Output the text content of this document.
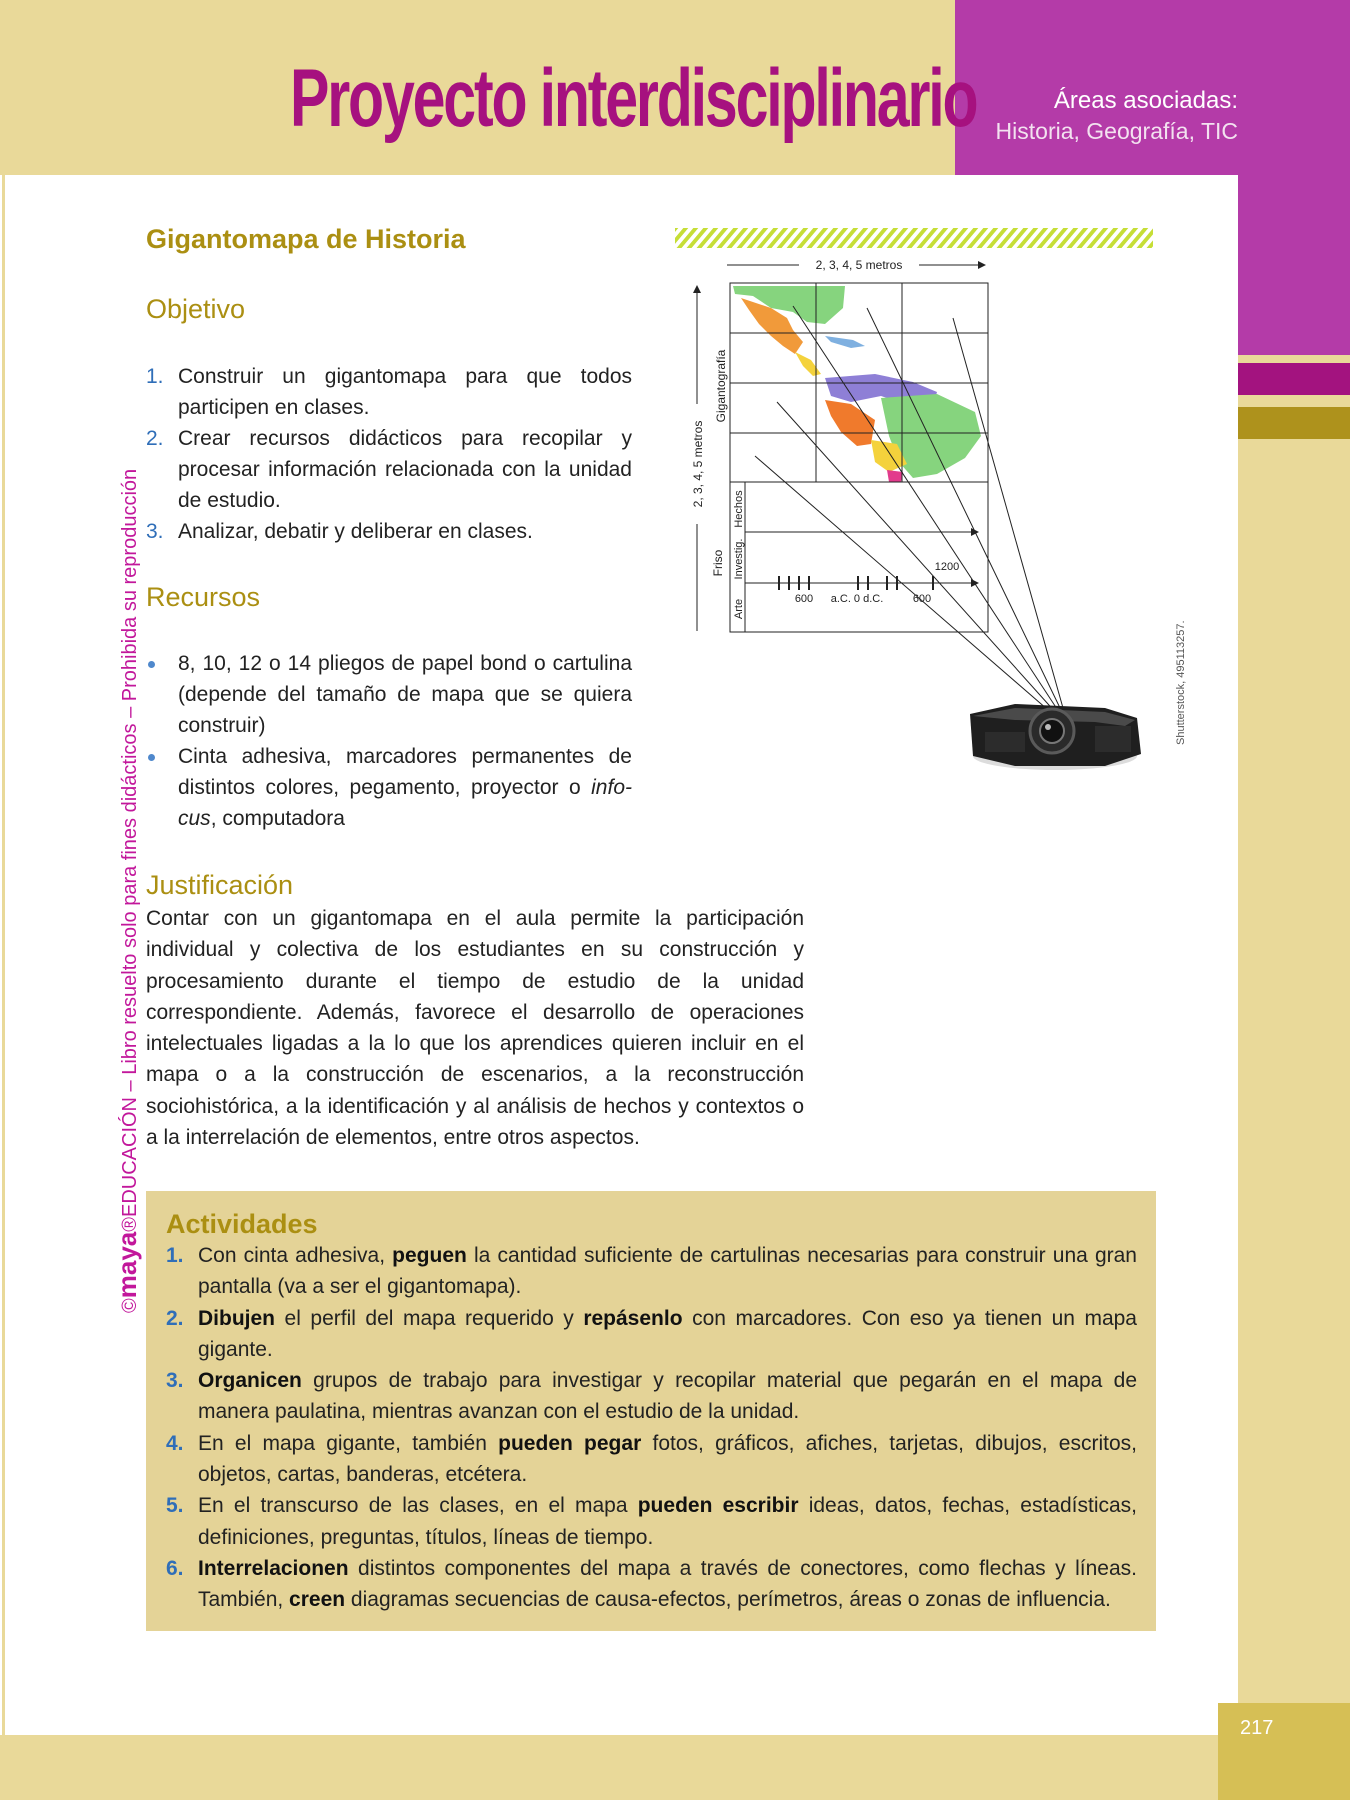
Proyecto interdisciplinario	Áreas asociadas:
Historia, Geografía, TIC
©maya®EDUCACIÓN – Libro resuelto solo para fines didácticos – Prohibida su reproducción
Gigantomapa de Historia
Objetivo
1. Construir un gigantomapa para que todos participen en clases.
2. Crear recursos didácticos para recopilar y procesar información relacionada con la unidad de estudio.
3. Analizar, debatir y deliberar en clases.
Recursos
8, 10, 12 o 14 pliegos de papel bond o cartulina (depende del tamaño de mapa que se quiera construir)
Cinta adhesiva, marcadores permanentes de distintos colores, pegamento, proyector o info-cus, computadora
Justificación

Contar con un gigantomapa en el aula permite la participación individual y colectiva de los estudiantes en su construcción y procesamiento durante el tiempo de estudio de la unidad correspondiente. Además, favorece el desarrollo de operaciones intelectuales ligadas a la lo que los aprendices quieren incluir en el mapa o a la construcción de escenarios, a la reconstrucción sociohistórica, a la identificación y al análisis de hechos y contextos o a la interrelación de elementos, entre otros aspectos.

2, 3, 4, 5 metros
2, 3, 4, 5 metros
Gigantografía
Friso
Hechos
Investig.
Arte	600 a.C. 0 d.C.	600
1200
Shutterstock, 495113257.
Actividades
1. Con cinta adhesiva, peguen la cantidad suficiente de cartulinas necesarias para construir una gran pantalla (va a ser el gigantomapa).
2. Dibujen el perfil del mapa requerido y repásenlo con marcadores. Con eso ya tienen un mapa gigante.
3. Organicen grupos de trabajo para investigar y recopilar material que pegarán en el mapa de manera paulatina, mientras avanzan con el estudio de la unidad.
4. En el mapa gigante, también pueden pegar fotos, gráficos, afiches, tarjetas, dibujos, escritos, objetos, cartas, banderas, etcétera.
5. En el transcurso de las clases, en el mapa pueden escribir ideas, datos, fechas, estadísticas, definiciones, preguntas, títulos, líneas de tiempo.
6. Interrelacionen distintos componentes del mapa a través de conectores, como flechas y líneas. También, creen diagramas secuencias de causa-efectos, perímetros, áreas o zonas de influencia.
217
